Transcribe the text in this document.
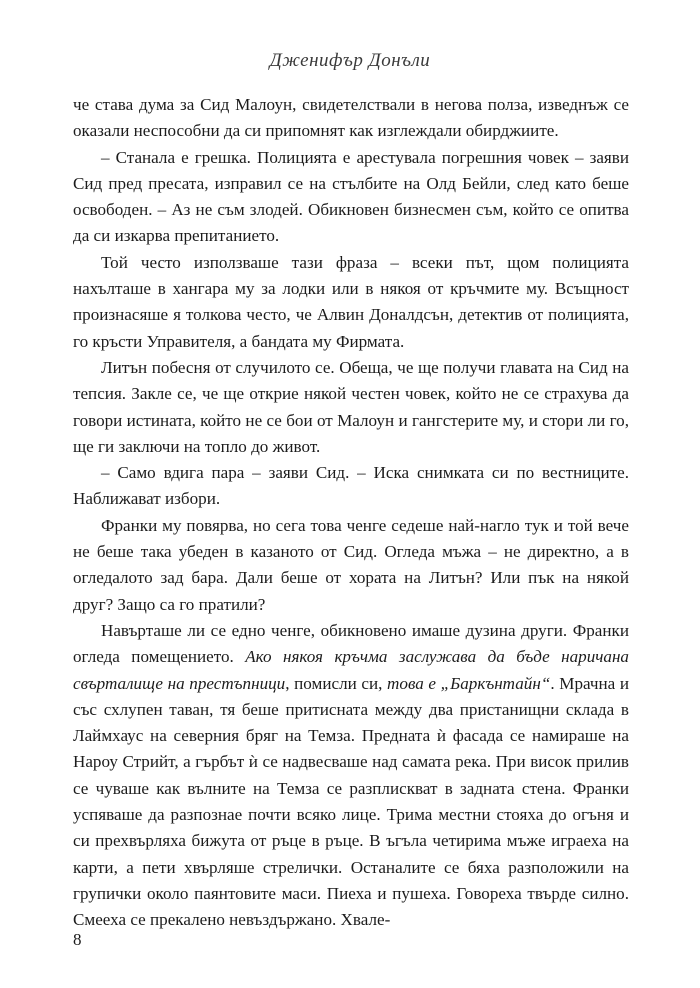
Дженифър Донъли

че става дума за Сид Малоун, свидетелствали в негова полза, изведнъж се оказали неспособни да си припомнят как изглеждали обирджиите.

– Станала е грешка. Полицията е арестувала погрешния човек – заяви Сид пред пресата, изправил се на стълбите на Олд Бейли, след като беше освободен. – Аз не съм злодей. Обикновен бизнесмен съм, който се опитва да си изкарва препитанието.

Той често използваше тази фраза – всеки път, щом полицията нахълташе в хангара му за лодки или в някоя от кръчмите му. Всъщност произнасяше я толкова често, че Алвин Доналдсън, детектив от полицията, го кръсти Управителя, а бандата му Фирмата.

Литън побесня от случилото се. Обеща, че ще получи главата на Сид на тепсия. Закле се, че ще открие някой честен човек, който не се страхува да говори истината, който не се бои от Малоун и гангстерите му, и стори ли го, ще ги заключи на топло до живот.

– Само вдига пара – заяви Сид. – Иска снимката си по вестниците. Наближават избори.

Франки му повярва, но сега това ченге седеше най-нагло тук и той вече не беше така убеден в казаното от Сид. Огледа мъжа – не директно, а в огледалото зад бара. Дали беше от хората на Литън? Или пък на някой друг? Защо са го пратили?

Навърташе ли се едно ченге, обикновено имаше дузина други. Франки огледа помещението. Ако някоя кръчма заслужава да бъде наричана свърталище на престъпници, помисли си, това е „Баркънтайн“. Мрачна и със схлупен таван, тя беше притисната между два пристанищни склада в Лаймхаус на северния бряг на Темза. Предната ѝ фасада се намираше на Нароу Стрийт, а гърбът ѝ се надвесваше над самата река. При висок прилив се чуваше как вълните на Темза се разплискват в задната стена. Франки успяваше да разпознае почти всяко лице. Трима местни стояха до огъня и си прехвърляха бижута от ръце в ръце. В ъгъла четирима мъже играеха на карти, а пети хвърляше стрелички. Останалите се бяха разположили на групички около паянтовите маси. Пиеха и пушеха. Говореха твърде силно. Смееха се прекалено невъздържано. Хвале-

8
